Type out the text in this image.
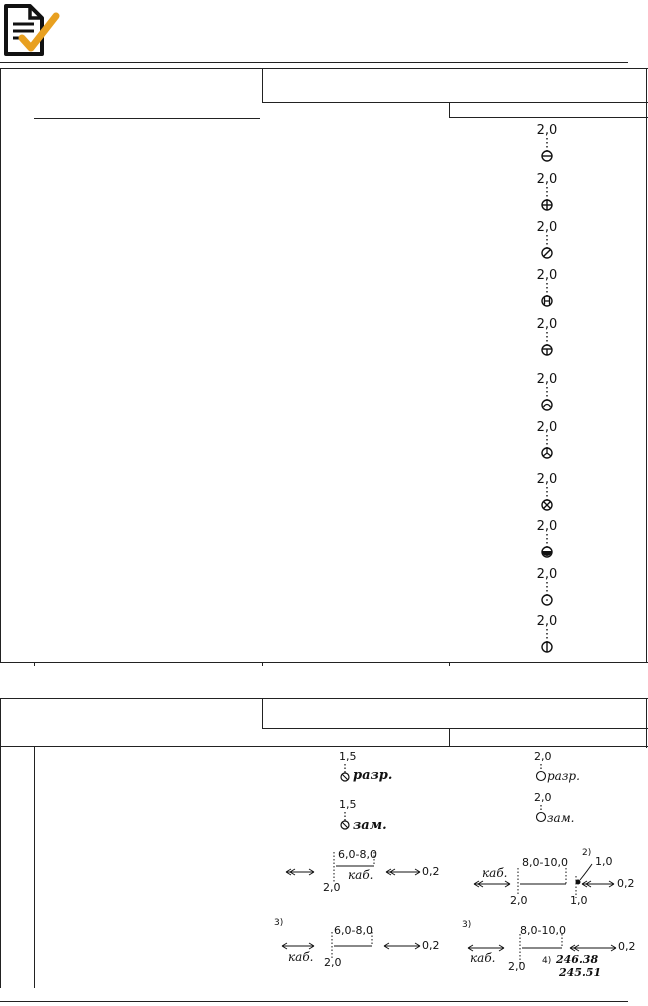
2,0
2,0
2,0
2,0
2,0
2,0
2,0
2,0
2,0
2,0
2,0
1,5
разр.
1,5
зам.
2,0
разр.
2,0
зам.
6,0-8,0
каб.
2,0
0,2
2)
1,0
8,0-10,0
каб.
2,0	1,0
0,2
3)
6,0-8,0
каб. 2,0
0,2
3)	8,0-10,0
каб.
2,0 4) 246.38
245.51
0,2
